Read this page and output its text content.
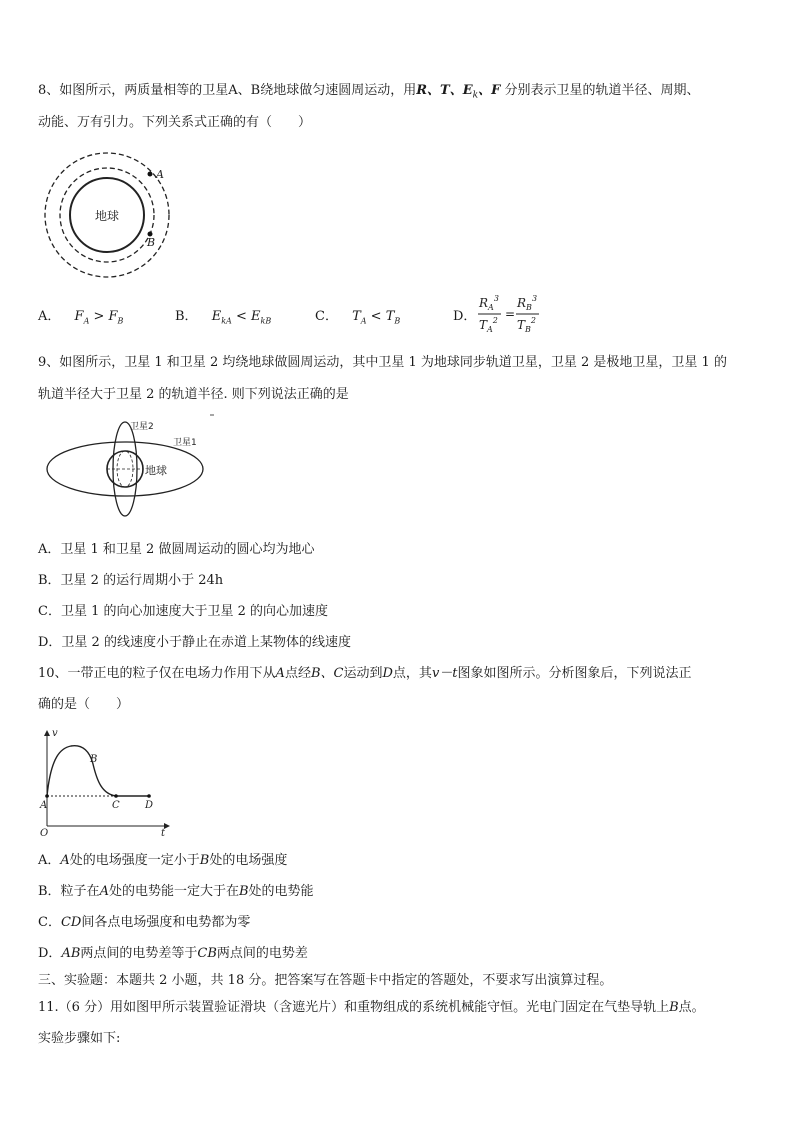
8、如图所示，两质量相等的卫星A、B绕地球做匀速圆周运动，用R、T、$E_k$、F 分别表示卫星的轨道半径、周期、
动能、万有引力。下列关系式正确的有（　　）
地球
A
B
A． $F_A > F_B$	B． $E_{kA} < E_{kB}$	C． $T_A < T_B$	D．
$R_A^3$
$T_A^2$ =
$R_B^3$
$T_B^2$
9、如图所示，卫星 1 和卫星 2 均绕地球做圆周运动，其中卫星 1 为地球同步轨道卫星，卫星 2 是极地卫星，卫星 1 的
轨道半径大于卫星 2 的轨道半径. 则下列说法正确的是
地球
卫星2
卫星1
A．卫星 1 和卫星 2 做圆周运动的圆心均为地心
B．卫星 2 的运行周期小于 24h
C．卫星 1 的向心加速度大于卫星 2 的向心加速度
D．卫星 2 的线速度小于静止在赤道上某物体的线速度
10、一带正电的粒子仅在电场力作用下从A点经B、C运动到D点，其v－t图象如图所示。分析图象后，下列说法正
确的是（　　）
v
t
O
A
B
C	D
A．A处的电场强度一定小于B处的电场强度
B．粒子在A处的电势能一定大于在B处的电势能
C．CD间各点电场强度和电势都为零
D．AB两点间的电势差等于CB两点间的电势差
三、实验题：本题共 2 小题，共 18 分。把答案写在答题卡中指定的答题处，不要求写出演算过程。
11.（6 分）用如图甲所示装置验证滑块（含遮光片）和重物组成的系统机械能守恒。光电门固定在气垫导轨上B点。
实验步骤如下:
